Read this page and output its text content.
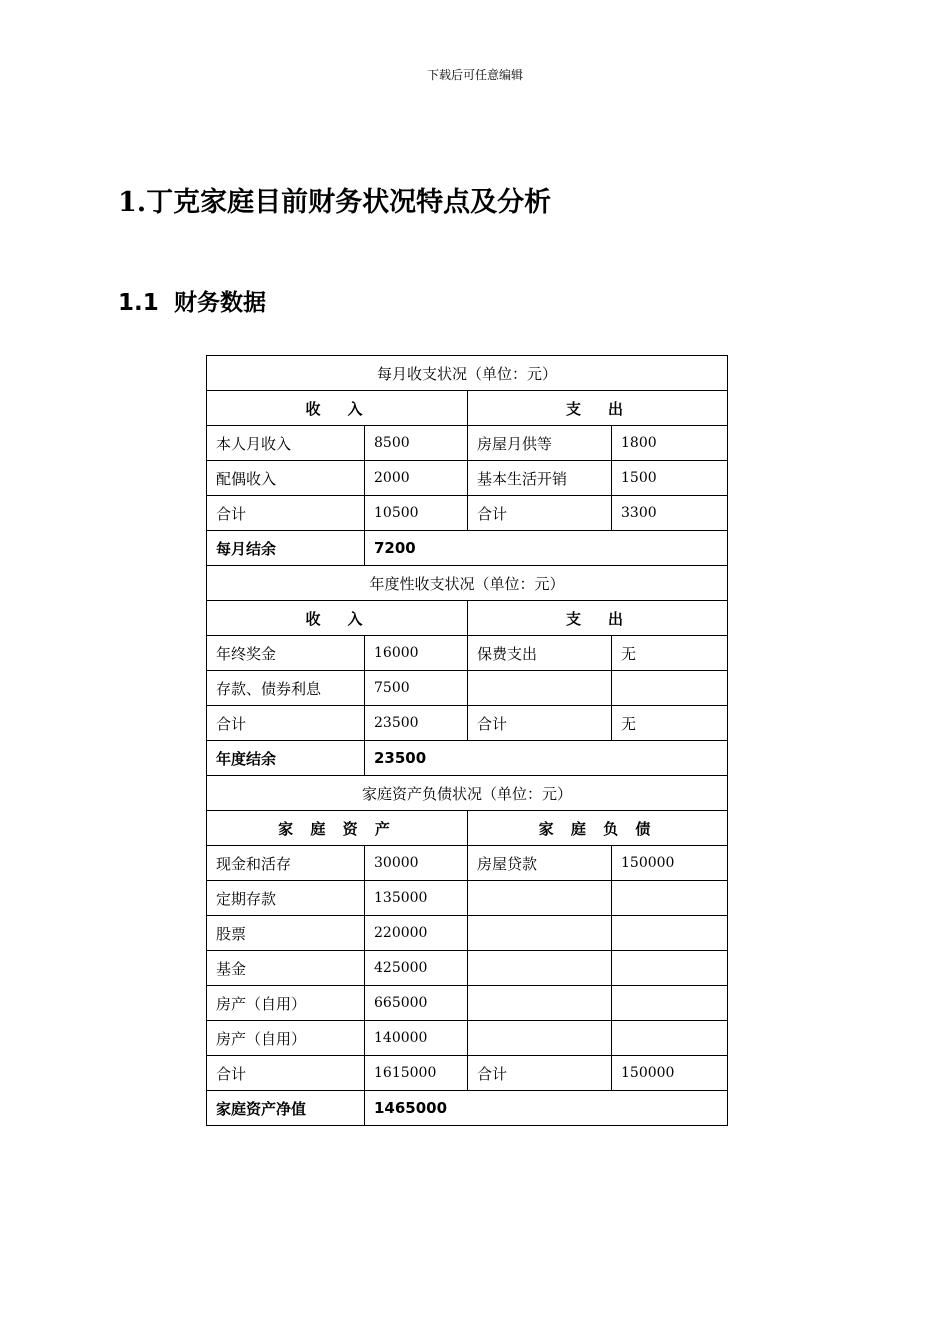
下载后可任意编辑
1.丁克家庭目前财务状况特点及分析
1.1 财务数据
每月收支状况（单位：元）			
收　入		支　出	
本人月收入	8500	房屋月供等	1800
配偶收入	2000	基本生活开销	1500
合计	10500	合计	3300
每月结余	7200		
年度性收支状况（单位：元）			
收　入		支　出	
年终奖金	16000	保费支出	无
存款、债券利息	7500		
合计	23500	合计	无
年度结余	23500		
家庭资产负债状况（单位：元）			
家 庭 资 产		家 庭 负 债	
现金和活存	30000	房屋贷款	150000
定期存款	135000		
股票	220000		
基金	425000		
房产（自用）	665000		
房产（自用）	140000		
合计	1615000	合计	150000
家庭资产净值	1465000		
